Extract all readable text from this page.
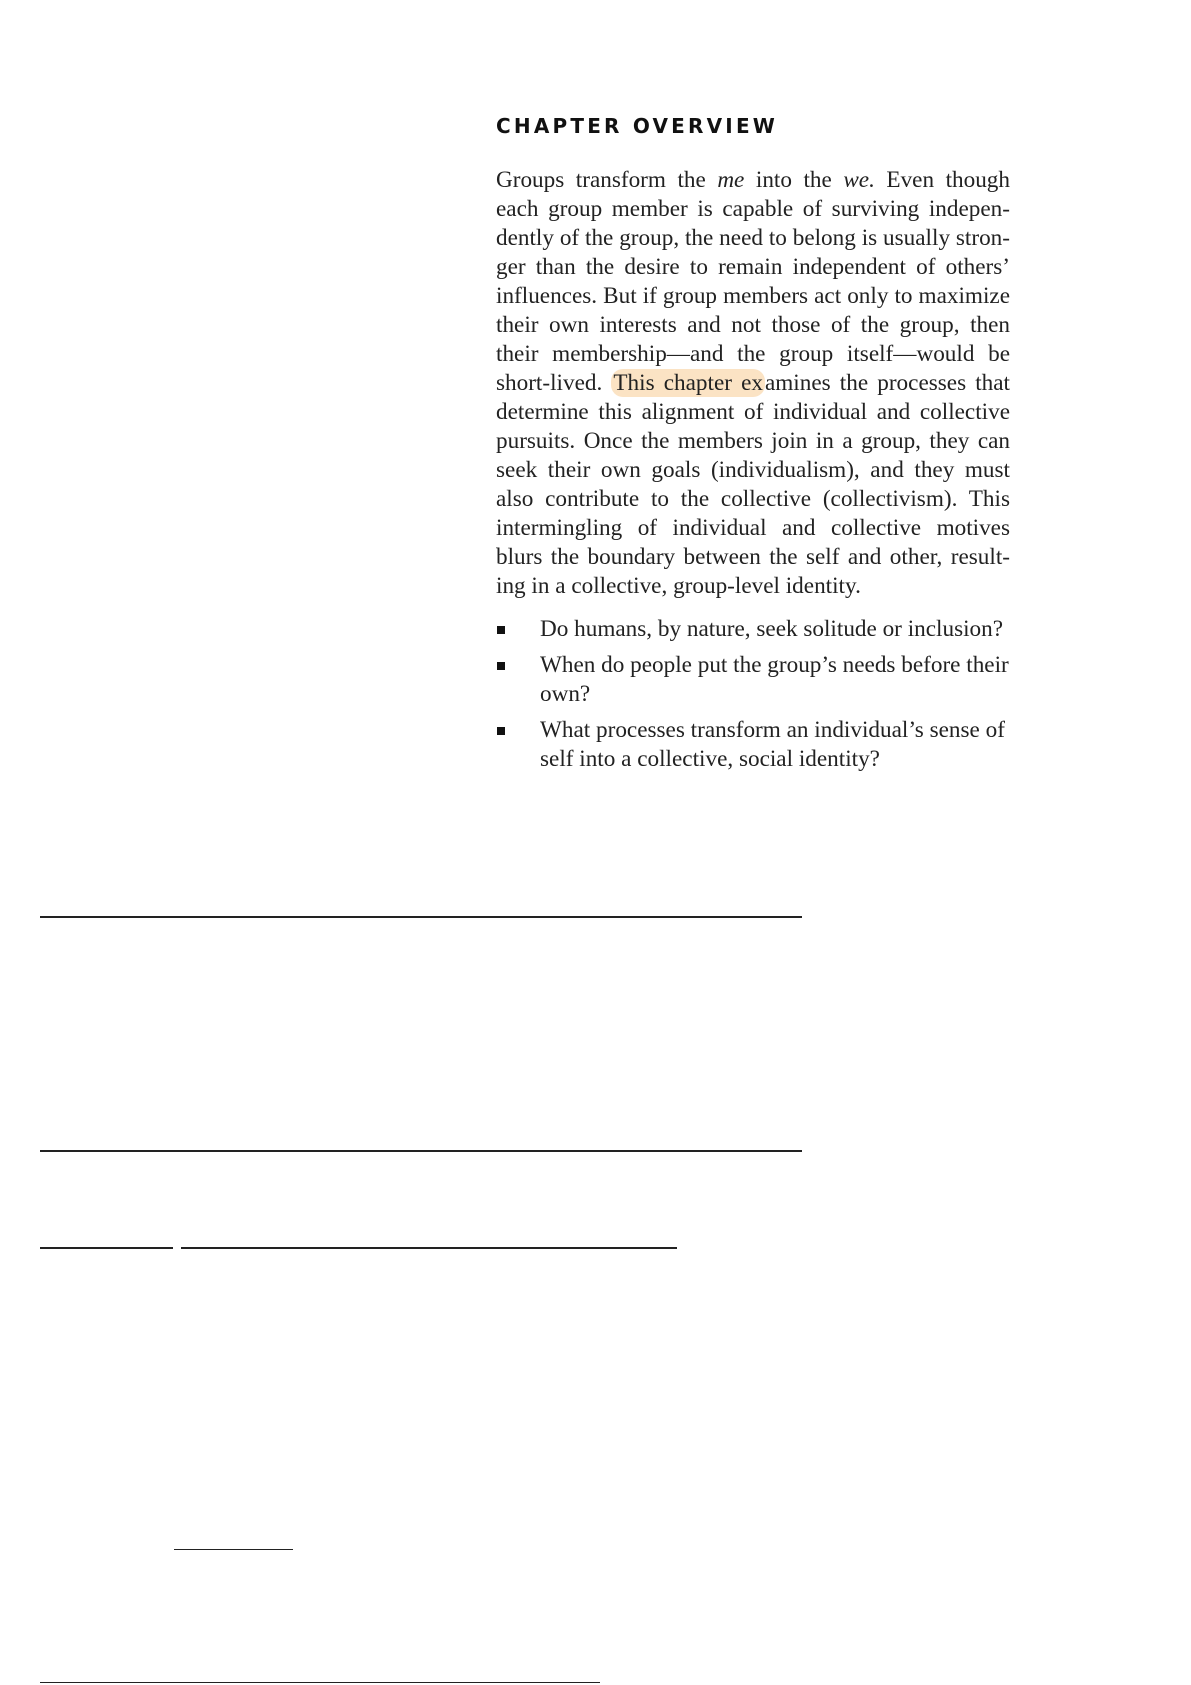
CHAPTER OVERVIEW

Groups transform the me into the we. Even though each group member is capable of surviving indepen-dently of the group, the need to belong is usually stron-ger than the desire to remain independent of others’ influences. But if group members act only to maximize their own interests and not those of the group, then their membership—and the group itself—would be short-lived. This chapter examines the processes that determine this alignment of individual and collective pursuits. Once the members join in a group, they can seek their own goals (individualism), and they must also contribute to the collective (collectivism). This intermingling of individual and collective motives blurs the boundary between the self and other, result-ing in a collective, group-level identity.

Do humans, by nature, seek solitude or inclusion?
When do people put the group’s needs before their own?
What processes transform an individual’s sense of self into a collective, social identity?
